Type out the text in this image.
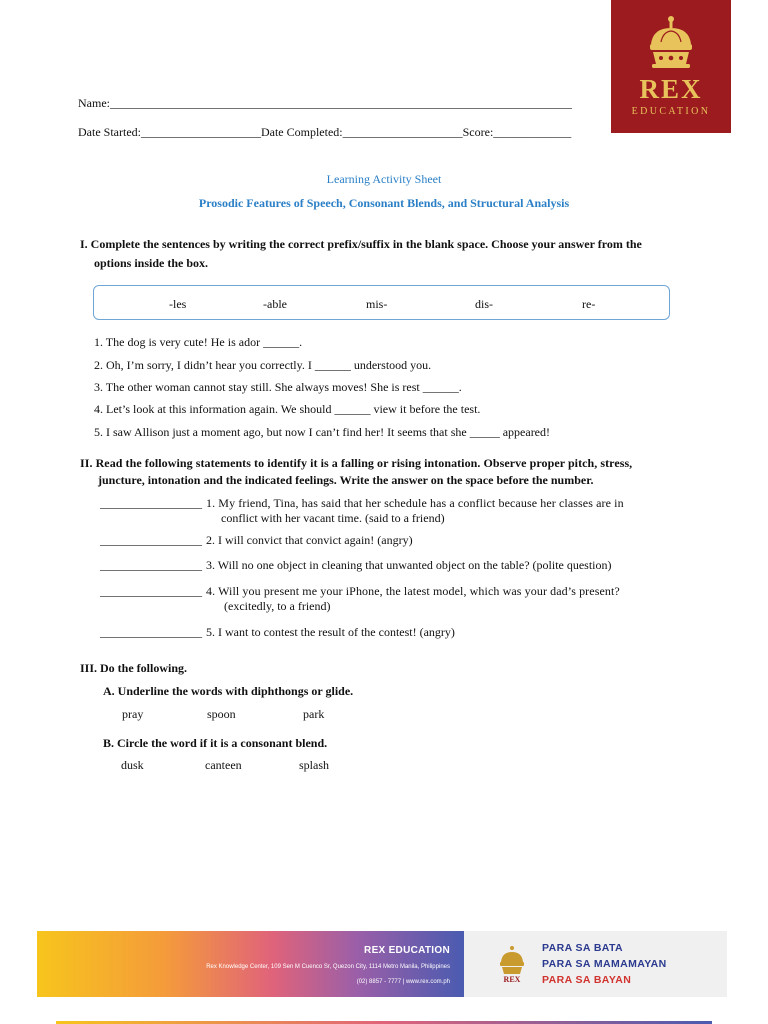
REX
EDUCATION
Name:_____________________________________________________________________________
Date Started:____________________Date Completed:____________________Score:_____________
Learning Activity Sheet
Prosodic Features of Speech, Consonant Blends, and Structural Analysis
I. Complete the sentences by writing the correct prefix/suffix in the blank space. Choose your answer from the
options inside the box.
-les	-able	mis-	dis-	re-
1. The dog is very cute! He is ador ______.
2. Oh, I’m sorry, I didn’t hear you correctly. I ______ understood you.
3. The other woman cannot stay still. She always moves! She is rest ______.
4. Let’s look at this information again. We should ______ view it before the test.
5. I saw Allison just a moment ago, but now I can’t find her! It seems that she _____ appeared!
II. Read the following statements to identify it is a falling or rising intonation. Observe proper pitch, stress,
juncture, intonation and the indicated feelings. Write the answer on the space before the number.
_________________ 1. My friend, Tina, has said that her schedule has a conflict because her classes are in
conflict with her vacant time. (said to a friend)
_________________ 2. I will convict that convict again! (angry)
_________________ 3. Will no one object in cleaning that unwanted object on the table? (polite question)
_________________ 4. Will you present me your iPhone, the latest model, which was your dad’s present?
(excitedly, to a friend)
_________________ 5. I want to contest the result of the contest! (angry)
III. Do the following.
A. Underline the words with diphthongs or glide.
pray	spoon	park
B. Circle the word if it is a consonant blend.
dusk	canteen	splash
REX EDUCATION
Rex Knowledge Center, 109 Sen M Cuenco Sr, Quezon City, 1114 Metro Manila, Philippines
(02) 8857 - 7777 | www.rex.com.ph	REX
PARA SA BATA
PARA SA MAMAMAYAN
PARA SA BAYAN
